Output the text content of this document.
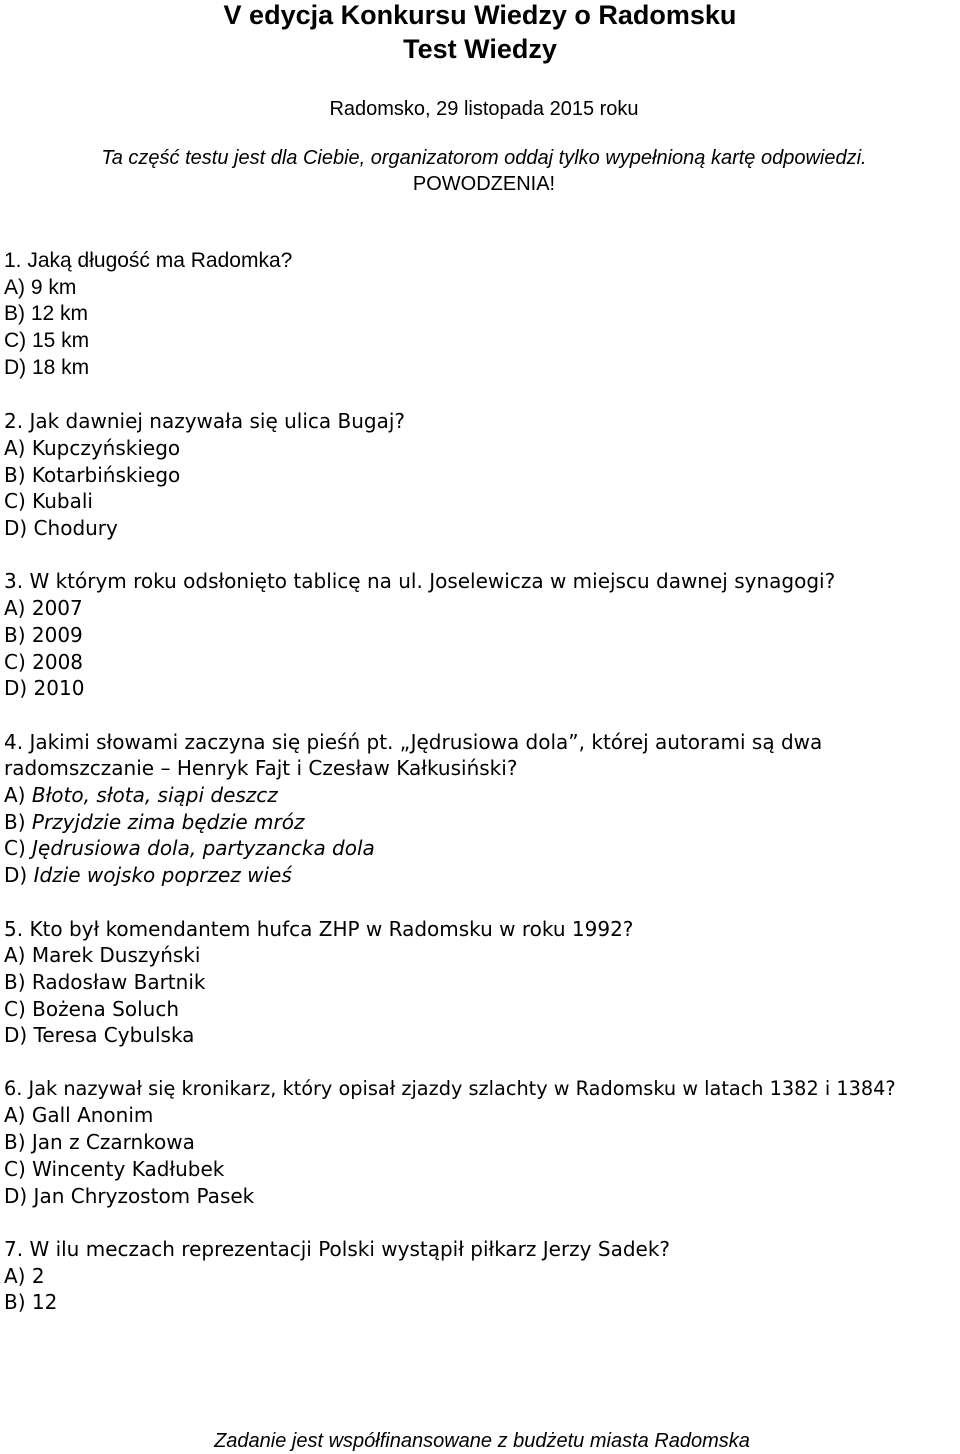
V edycja Konkursu Wiedzy o Radomsku
Test Wiedzy
Radomsko, 29 listopada 2015 roku
Ta część testu jest dla Ciebie, organizatorom oddaj tylko wypełnioną kartę odpowiedzi.
POWODZENIA!
1. Jaką długość ma Radomka?
A) 9 km
B) 12 km
C) 15 km
D) 18 km
2. Jak dawniej nazywała się ulica Bugaj?
A) Kupczyńskiego
B) Kotarbińskiego
C) Kubali
D) Chodury
3. W którym roku odsłonięto tablicę na ul. Joselewicza w miejscu dawnej synagogi?
A) 2007
B) 2009
C) 2008
D) 2010
4. Jakimi słowami zaczyna się pieśń pt. „Jędrusiowa dola”, której autorami są dwa radomszczanie – Henryk Fajt i Czesław Kałkusiński?
A) Błoto, słota, siąpi deszcz
B) Przyjdzie zima będzie mróz
C) Jędrusiowa dola, partyzancka dola
D) Idzie wojsko poprzez wieś
5. Kto był komendantem hufca ZHP w Radomsku w roku 1992?
A) Marek Duszyński
B) Radosław Bartnik
C) Bożena Soluch
D) Teresa Cybulska
6. Jak nazywał się kronikarz, który opisał zjazdy szlachty w Radomsku w latach 1382 i 1384?
A) Gall Anonim
B) Jan z Czarnkowa
C) Wincenty Kadłubek
D) Jan Chryzostom Pasek
7. W ilu meczach reprezentacji Polski wystąpił piłkarz Jerzy Sadek?
A) 2
B) 12
Zadanie jest współfinansowane z budżetu miasta Radomska
